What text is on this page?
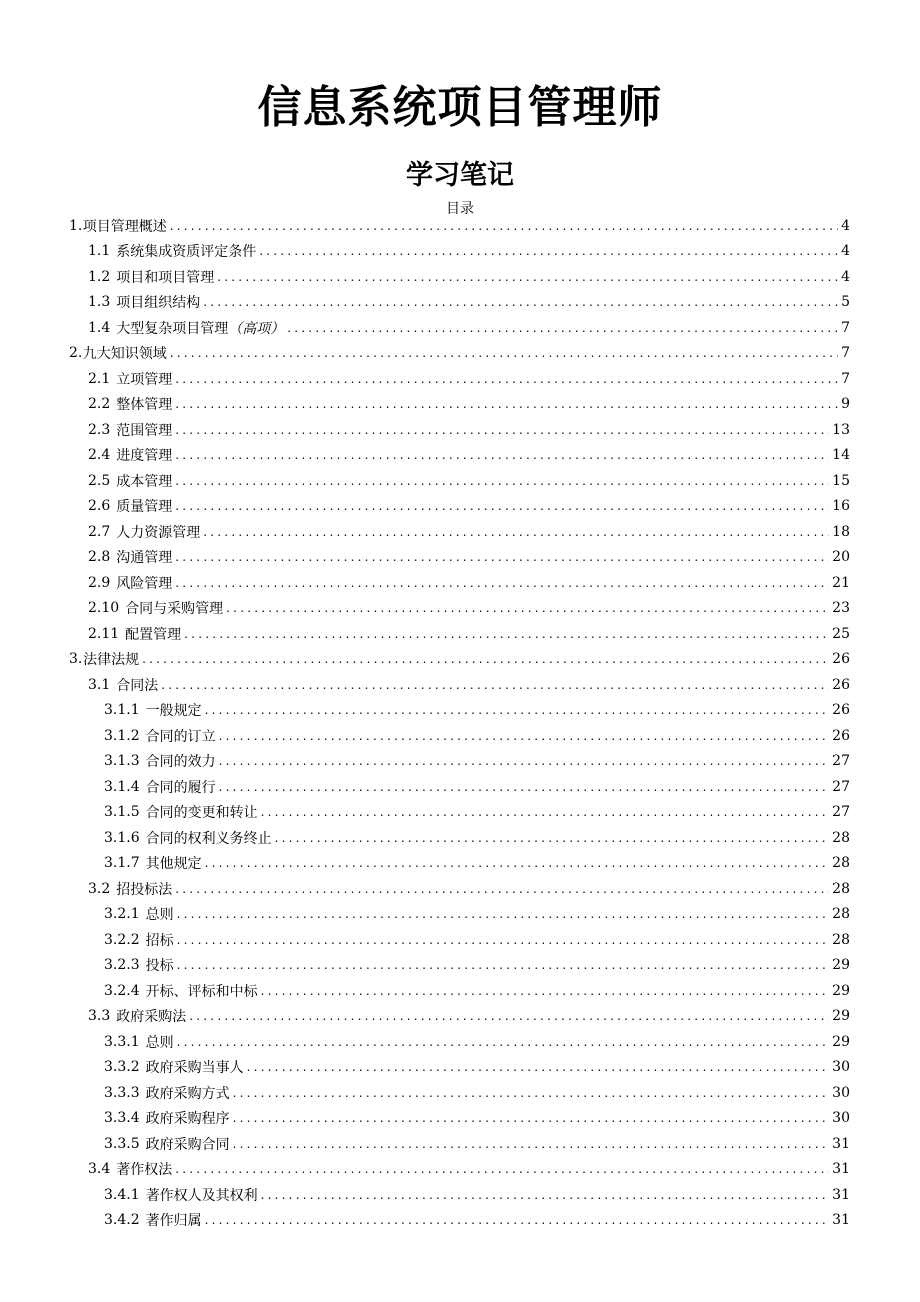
信息系统项目管理师
学习笔记
目录
1. 项目管理概述 .....	4
1.1 系统集成资质评定条件 .....	4
1.2 项目和项目管理 .....	4
1.3 项目组织结构 .....	5
1.4 大型复杂项目管理（高项） .....	7
2. 九大知识领域 .....	7
2.1 立项管理 .....	7
2.2 整体管理 .....	9
2.3 范围管理 .....	13
2.4 进度管理 .....	14
2.5 成本管理 .....	15
2.6 质量管理 .....	16
2.7 人力资源管理 .....	18
2.8 沟通管理 .....	20
2.9 风险管理 .....	21
2.10 合同与采购管理 .....	23
2.11 配置管理 .....	25
3. 法律法规 .....	26
3.1 合同法 .....	26
3.1.1 一般规定 .....	26
3.1.2 合同的订立 .....	26
3.1.3 合同的效力 .....	27
3.1.4 合同的履行 .....	27
3.1.5 合同的变更和转让 .....	27
3.1.6 合同的权利义务终止 .....	28
3.1.7 其他规定 .....	28
3.2 招投标法 .....	28
3.2.1 总则 .....	28
3.2.2 招标 .....	28
3.2.3 投标 .....	29
3.2.4 开标、评标和中标 .....	29
3.3 政府采购法 .....	29
3.3.1 总则 .....	29
3.3.2 政府采购当事人 .....	30
3.3.3 政府采购方式 .....	30
3.3.4 政府采购程序 .....	30
3.3.5 政府采购合同 .....	31
3.4 著作权法 .....	31
3.4.1 著作权人及其权利 .....	31
3.4.2 著作归属 .....	31
